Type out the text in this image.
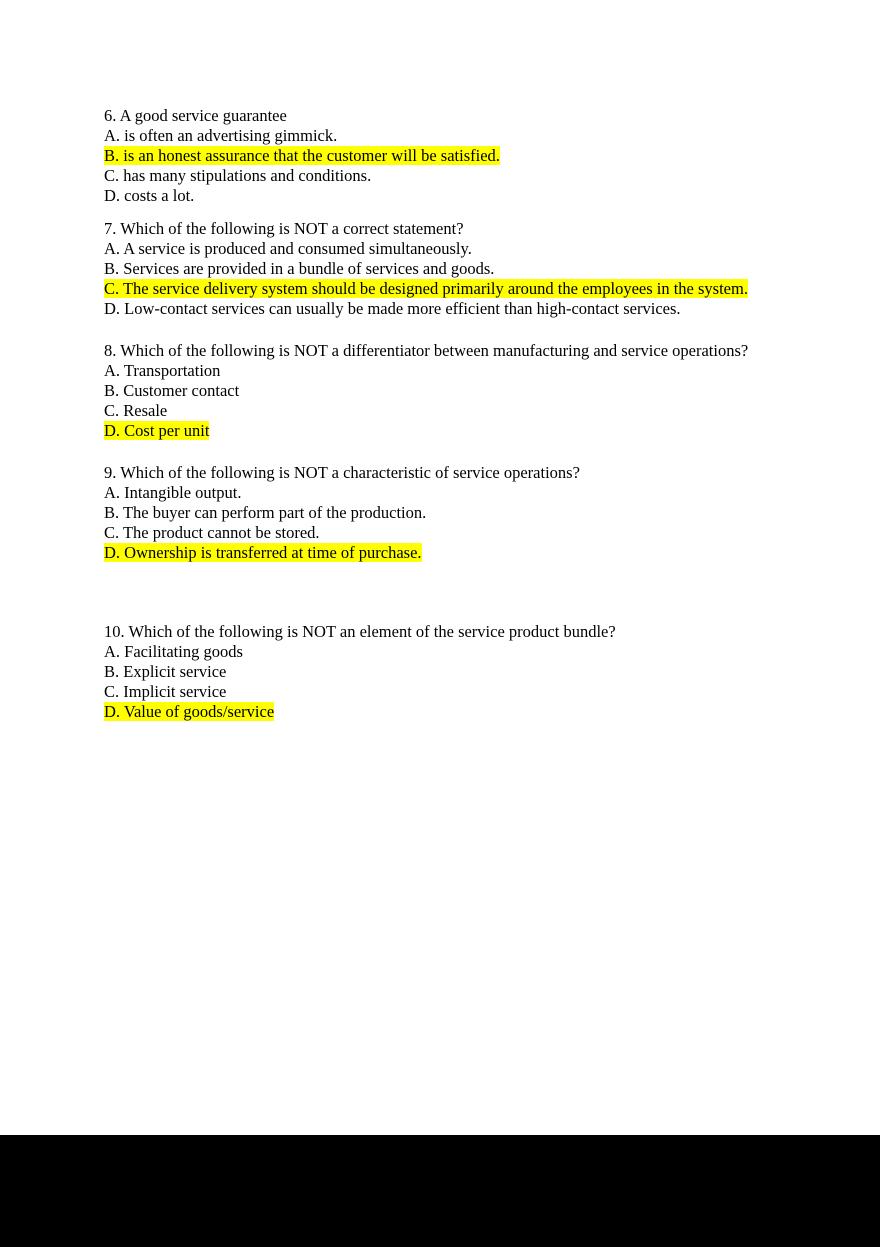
6. A good service guarantee

A. is often an advertising gimmick.

B. is an honest assurance that the customer will be satisfied.

C. has many stipulations and conditions.

D. costs a lot.

7. Which of the following is NOT a correct statement?

A. A service is produced and consumed simultaneously.

B. Services are provided in a bundle of services and goods.

C. The service delivery system should be designed primarily around the employees in the system.

D. Low-contact services can usually be made more efficient than high-contact services.

8. Which of the following is NOT a differentiator between manufacturing and service operations?

A. Transportation

B. Customer contact

C. Resale

D. Cost per unit

9. Which of the following is NOT a characteristic of service operations?

A. Intangible output.

B. The buyer can perform part of the production.

C. The product cannot be stored.

D. Ownership is transferred at time of purchase.

10. Which of the following is NOT an element of the service product bundle?

A. Facilitating goods

B. Explicit service

C. Implicit service

D. Value of goods/service
